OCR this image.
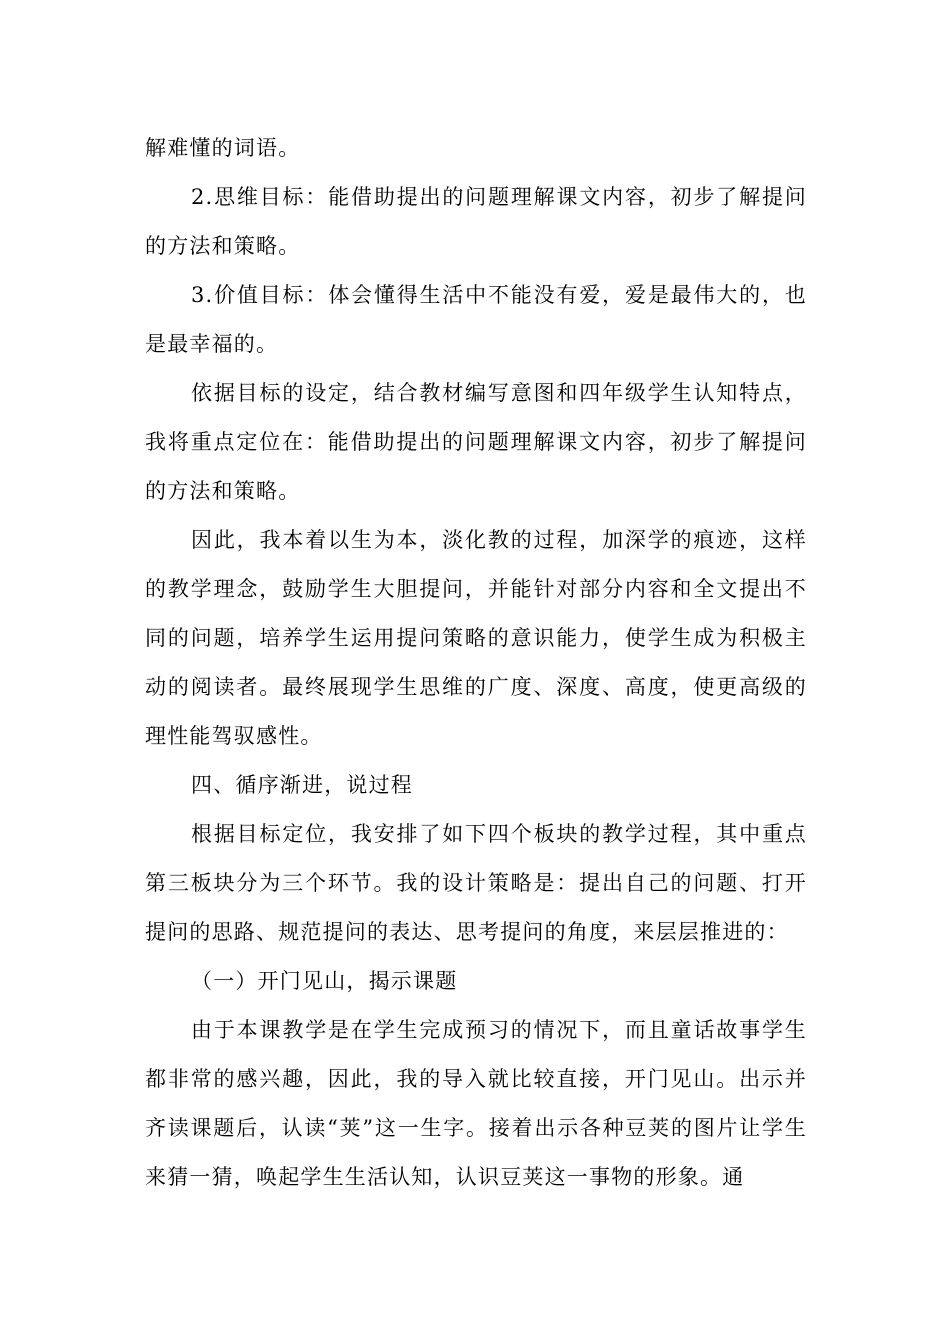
解难懂的词语。

2.思维目标：能借助提出的问题理解课文内容，初步了解提问的方法和策略。

3.价值目标：体会懂得生活中不能没有爱，爱是最伟大的，也是最幸福的。

依据目标的设定，结合教材编写意图和四年级学生认知特点，我将重点定位在：能借助提出的问题理解课文内容，初步了解提问的方法和策略。

因此，我本着以生为本，淡化教的过程，加深学的痕迹，这样的教学理念，鼓励学生大胆提问，并能针对部分内容和全文提出不同的问题，培养学生运用提问策略的意识能力，使学生成为积极主动的阅读者。最终展现学生思维的广度、深度、高度，使更高级的理性能驾驭感性。

四、循序渐进，说过程

根据目标定位，我安排了如下四个板块的教学过程，其中重点第三板块分为三个环节。我的设计策略是：提出自己的问题、打开提问的思路、规范提问的表达、思考提问的角度，来层层推进的：

（一）开门见山，揭示课题

由于本课教学是在学生完成预习的情况下，而且童话故事学生都非常的感兴趣，因此，我的导入就比较直接，开门见山。出示并齐读课题后，认读“荚”这一生字。接着出示各种豆荚的图片让学生来猜一猜，唤起学生生活认知，认识豆荚这一事物的形象。通
